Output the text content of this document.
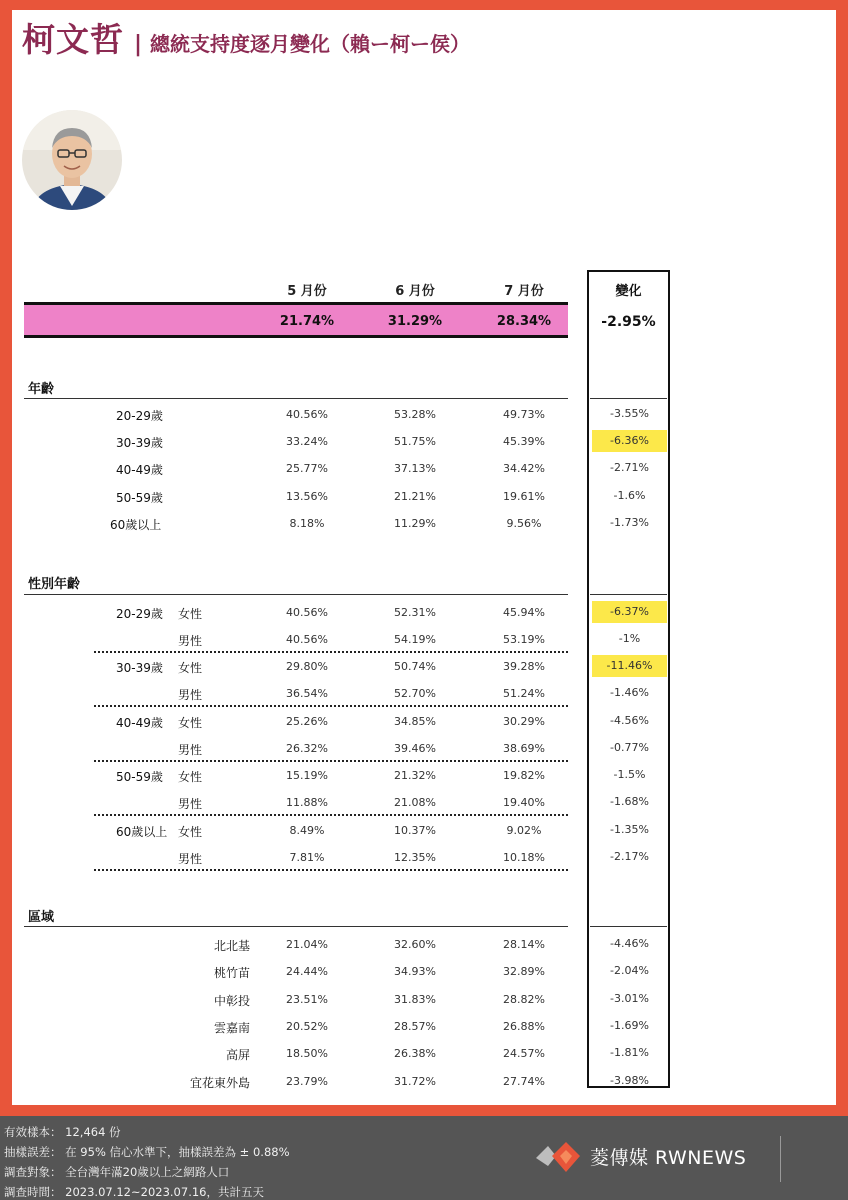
柯文哲 | 總統支持度逐月變化（賴ー柯ー侯）
5 月份	6 月份	7 月份	變化
21.74%	31.29%	28.34%	-2.95%
年齡
20-29歲	40.56%	53.28%	49.73%	-3.55%
30-39歲	33.24%	51.75%	45.39%	-6.36%
40-49歲	25.77%	37.13%	34.42%	-2.71%
50-59歲	13.56%	21.21%	19.61%	-1.6%
60歲以上	8.18%	11.29%	9.56%	-1.73%
性別年齡
20-29歲 女性	40.56%	52.31%	45.94%	-6.37%
男性	40.56%	54.19%	53.19%	-1%
30-39歲 女性	29.80%	50.74%	39.28%	-11.46%
男性	36.54%	52.70%	51.24%	-1.46%
40-49歲 女性	25.26%	34.85%	30.29%	-4.56%
男性	26.32%	39.46%	38.69%	-0.77%
50-59歲 女性	15.19%	21.32%	19.82%	-1.5%
男性	11.88%	21.08%	19.40%	-1.68%
60歲以上 女性	8.49%	10.37%	9.02%	-1.35%
男性	7.81%	12.35%	10.18%	-2.17%
區域
北北基	21.04%	32.60%	28.14%	-4.46%
桃竹苗	24.44%	34.93%	32.89%	-2.04%
中彰投	23.51%	31.83%	28.82%	-3.01%
雲嘉南	20.52%	28.57%	26.88%	-1.69%
高屏	18.50%	26.38%	24.57%	-1.81%
宜花東外島	23.79%	31.72%	27.74%	-3.98%
有效樣本： 12,464 份
抽樣誤差： 在 95% 信心水準下，抽樣誤差為 ± 0.88%
調查對象： 全台灣年滿20歲以上之網路人口
調查時間： 2023.07.12~2023.07.16，共計五天
菱傳媒 RWNEWS
